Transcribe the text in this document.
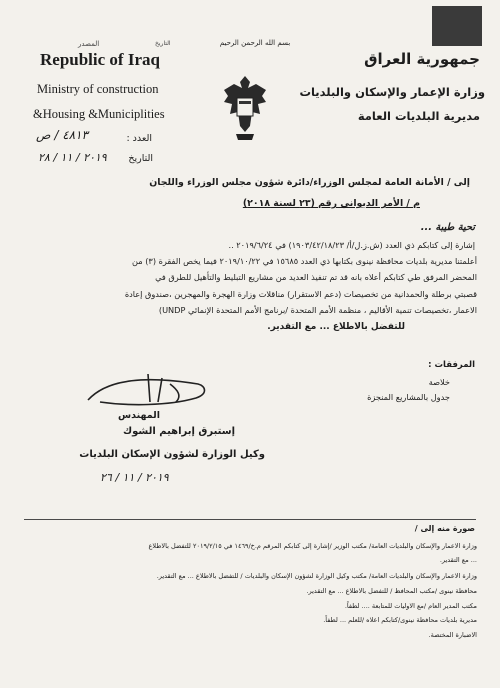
بسم الله الرحمن الرحيم
المصدر	التاريخ
Republic of Iraq
Ministry of construction
&Housing &Municiplities
جمهورية العراق
وزارة الإعمار والإسكان والبلديات
مديرية البلديات العامة
العدد :
٤٨١٣ / ص
التاريخ
٢٠١٩ / ١١ / ٢٨
إلى / الأمانة العامة لمجلس الوزراء/دائرة شؤون مجلس الوزراء واللجان
م / الأمر الديواني رقم (٢٣ لسنة ٢٠١٨)
تحية طيبة ...
إشارة إلى كتابكم ذي العدد (ش.ز.ل/أ/ ١٩٠٣/٤٢/١٨/٢٣) في ٢٠١٩/٦/٢٤ ..
أعلمتنا مديرية بلديات محافظة نينوى بكتابها ذي العدد ١٥٦٨٥ في ٢٠١٩/١٠/٢٢ فيما يخص الفقرة (٣) من
المحضر المرفق طي كتابكم أعلاه بانه قد تم تنفيذ العديد من مشاريع التبليط والتأهيل للطرق في
قصبتي برطلة والحمدانية من تخصيصات (دعم الاستقرار) مناقلات وزارة الهجرة والمهجرين ،صندوق إعادة
الاعمار ،تخصيصات تنمية الأقاليم ، منظمة الأمم المتحدة /برنامج الأمم المتحدة الإنمائي UNDP)
للتفضل بالاطلاع ... مع التقدير.
المرفقات :
خلاصة
جدول بالمشاريع المنجزة
المهندس
إستبرق إبراهيم الشوك
وكيل الوزارة لشؤون الإسكان البلديات
٢٠١٩ / ١١ / ٢٦
صورة منه إلى /
وزارة الاعمار والإسكان والبلديات العامة/ مكتب الوزير /إشارة إلى كتابكم المرقم م.خ/١٤٦٩ في ٢٠١٩/٢/١٥ للتفضل بالاطلاع
... مع التقدير.
وزارة الاعمار والإسكان والبلديات العامة/ مكتب وكيل الوزارة لشؤون الإسكان والبلديات / للتفضل بالاطلاع ... مع التقدير.
محافظة نينوى /مكتب المحافظ / للتفضل بالاطلاع ... مع التقدير.
مكتب المدير العام /مع الاوليات للمتابعة .... لطفاً.
مديرية بلديات محافظة نينوى/كتابكم اعلاه /للعلم ... لطفاً.
الاضبارة المختصة.
